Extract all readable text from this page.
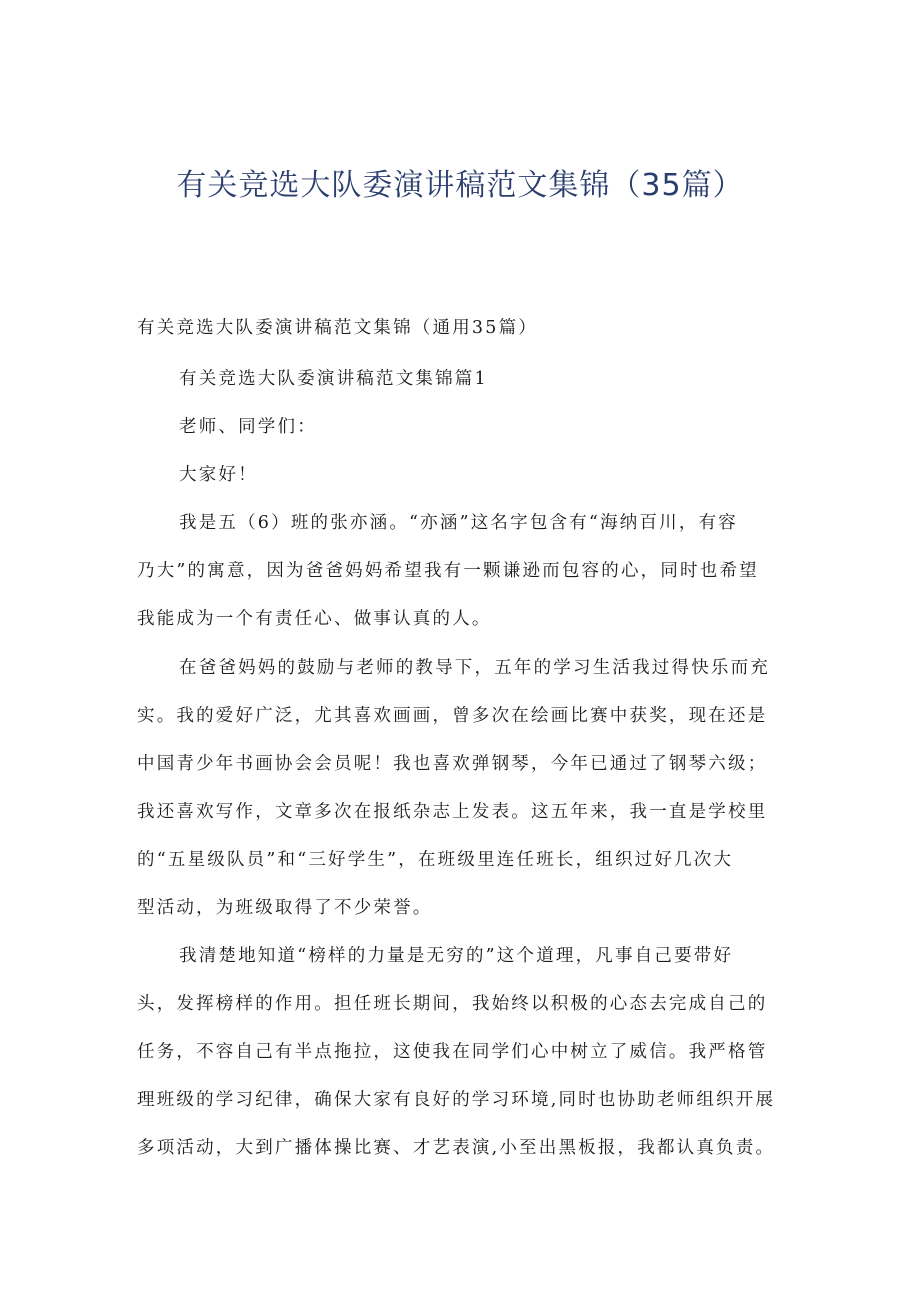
有关竞选大队委演讲稿范文集锦（35篇）
有关竞选大队委演讲稿范文集锦（通用35篇）
有关竞选大队委演讲稿范文集锦篇1
老师、同学们：
大家好！
我是五（6）班的张亦涵。“亦涵”这名字包含有“海纳百川，有容
乃大”的寓意，因为爸爸妈妈希望我有一颗谦逊而包容的心，同时也希望
我能成为一个有责任心、做事认真的人。
在爸爸妈妈的鼓励与老师的教导下，五年的学习生活我过得快乐而充
实。我的爱好广泛，尤其喜欢画画，曾多次在绘画比赛中获奖，现在还是
中国青少年书画协会会员呢！我也喜欢弹钢琴，今年已通过了钢琴六级；
我还喜欢写作，文章多次在报纸杂志上发表。这五年来，我一直是学校里
的“五星级队员”和“三好学生”，在班级里连任班长，组织过好几次大
型活动，为班级取得了不少荣誉。
我清楚地知道“榜样的力量是无穷的”这个道理，凡事自己要带好
头，发挥榜样的作用。担任班长期间，我始终以积极的心态去完成自己的
任务，不容自己有半点拖拉，这使我在同学们心中树立了威信。我严格管
理班级的学习纪律，确保大家有良好的学习环境,同时也协助老师组织开展
多项活动，大到广播体操比赛、才艺表演,小至出黑板报，我都认真负责。
